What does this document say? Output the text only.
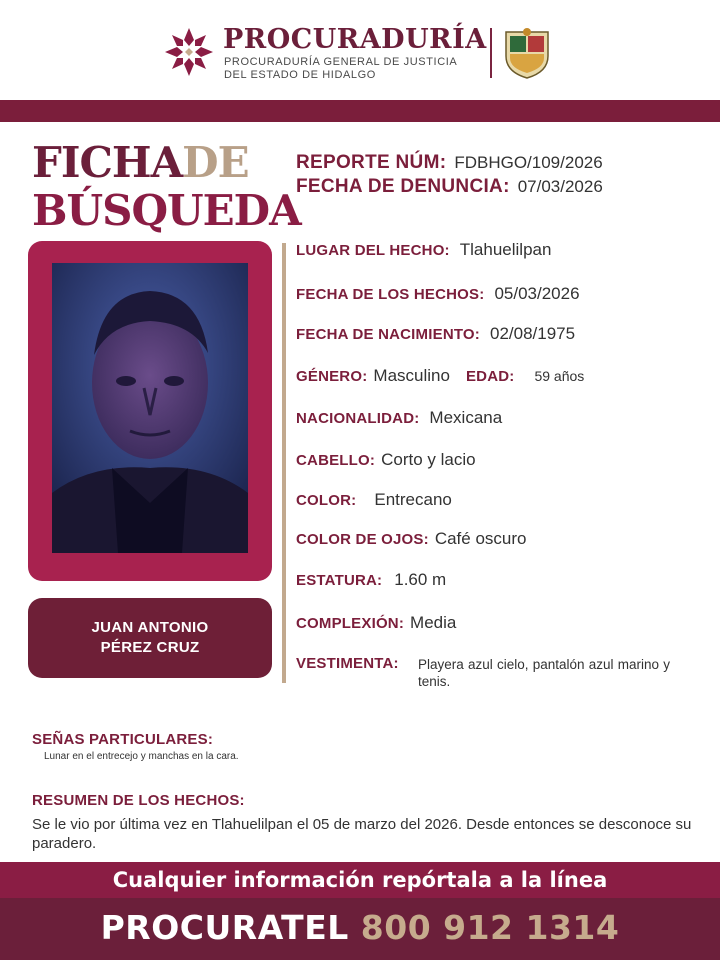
PROCURADURÍA
PROCURADURÍA GENERAL DE JUSTICIA
DEL ESTADO DE HIDALGO
FICHADE
BÚSQUEDA
REPORTE NÚM: FDBHGO/109/2026
FECHA DE DENUNCIA: 07/03/2026
JUAN ANTONIO
PÉREZ CRUZ
LUGAR DEL HECHO: Tlahuelilpan
FECHA DE LOS HECHOS: 05/03/2026
FECHA DE NACIMIENTO: 02/08/1975
GÉNERO: Masculino EDAD: 59 años
NACIONALIDAD: Mexicana
CABELLO: Corto y lacio
COLOR: Entrecano
COLOR DE OJOS: Café oscuro
ESTATURA: 1.60 m
COMPLEXIÓN: Media
VESTIMENTA: Playera azul cielo, pantalón azul marino y tenis.
SEÑAS PARTICULARES:
Lunar en el entrecejo y manchas en la cara.
RESUMEN DE LOS HECHOS:
Se le vio por última vez en Tlahuelilpan el 05 de marzo del 2026. Desde entonces se desconoce su paradero.
Cualquier información repórtala a la línea
PROCURATEL 800 912 1314
